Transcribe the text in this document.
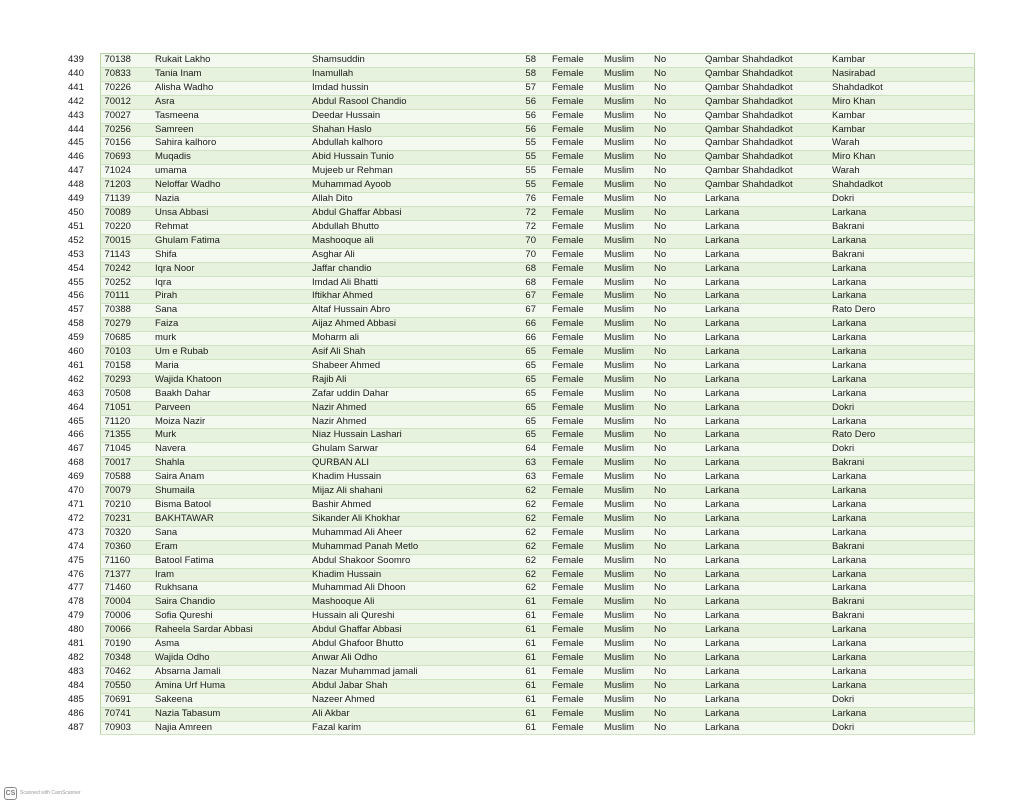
439	70138	Rukait Lakho	Shamsuddin	58	Female	Muslim	No	Qambar Shahdadkot	Kambar
440	70833	Tania Inam	Inamullah	58	Female	Muslim	No	Qambar Shahdadkot	Nasirabad
441	70226	Alisha Wadho	Imdad hussin	57	Female	Muslim	No	Qambar Shahdadkot	Shahdadkot
442	70012	Asra	Abdul Rasool Chandio	56	Female	Muslim	No	Qambar Shahdadkot	Miro Khan
443	70027	Tasmeena	Deedar Hussain	56	Female	Muslim	No	Qambar Shahdadkot	Kambar
444	70256	Samreen	Shahan Haslo	56	Female	Muslim	No	Qambar Shahdadkot	Kambar
445	70156	Sahira kalhoro	Abdullah kalhoro	55	Female	Muslim	No	Qambar Shahdadkot	Warah
446	70693	Muqadis	Abid Hussain Tunio	55	Female	Muslim	No	Qambar Shahdadkot	Miro Khan
447	71024	umama	Mujeeb ur Rehman	55	Female	Muslim	No	Qambar Shahdadkot	Warah
448	71203	Neloffar Wadho	Muhammad Ayoob	55	Female	Muslim	No	Qambar Shahdadkot	Shahdadkot
449	71139	Nazia	Allah Dito	76	Female	Muslim	No	Larkana	Dokri
450	70089	Unsa Abbasi	Abdul Ghaffar Abbasi	72	Female	Muslim	No	Larkana	Larkana
451	70220	Rehmat	Abdullah Bhutto	72	Female	Muslim	No	Larkana	Bakrani
452	70015	Ghulam Fatima	Mashooque ali	70	Female	Muslim	No	Larkana	Larkana
453	71143	Shifa	Asghar Ali	70	Female	Muslim	No	Larkana	Bakrani
454	70242	Iqra Noor	Jaffar chandio	68	Female	Muslim	No	Larkana	Larkana
455	70252	Iqra	Imdad Ali Bhatti	68	Female	Muslim	No	Larkana	Larkana
456	70111	Pirah	Iftikhar Ahmed	67	Female	Muslim	No	Larkana	Larkana
457	70388	Sana	Altaf Hussain Abro	67	Female	Muslim	No	Larkana	Rato Dero
458	70279	Faiza	Aijaz Ahmed Abbasi	66	Female	Muslim	No	Larkana	Larkana
459	70685	murk	Moharm ali	66	Female	Muslim	No	Larkana	Larkana
460	70103	Um e Rubab	Asif Ali Shah	65	Female	Muslim	No	Larkana	Larkana
461	70158	Maria	Shabeer Ahmed	65	Female	Muslim	No	Larkana	Larkana
462	70293	Wajida Khatoon	Rajib Ali	65	Female	Muslim	No	Larkana	Larkana
463	70508	Baakh Dahar	Zafar uddin Dahar	65	Female	Muslim	No	Larkana	Larkana
464	71051	Parveen	Nazir Ahmed	65	Female	Muslim	No	Larkana	Dokri
465	71120	Moiza Nazir	Nazir Ahmed	65	Female	Muslim	No	Larkana	Larkana
466	71355	Murk	Niaz Hussain Lashari	65	Female	Muslim	No	Larkana	Rato Dero
467	71045	Navera	Ghulam Sarwar	64	Female	Muslim	No	Larkana	Dokri
468	70017	Shahla	QURBAN ALI	63	Female	Muslim	No	Larkana	Bakrani
469	70588	Saira Anam	Khadim Hussain	63	Female	Muslim	No	Larkana	Larkana
470	70079	Shumaila	Mijaz Ali shahani	62	Female	Muslim	No	Larkana	Larkana
471	70210	Bisma Batool	Bashir Ahmed	62	Female	Muslim	No	Larkana	Larkana
472	70231	BAKHTAWAR	Sikander Ali Khokhar	62	Female	Muslim	No	Larkana	Larkana
473	70320	Sana	Muhammad Ali Aheer	62	Female	Muslim	No	Larkana	Larkana
474	70360	Eram	Muhammad Panah Metlo	62	Female	Muslim	No	Larkana	Bakrani
475	71160	Batool Fatima	Abdul Shakoor Soomro	62	Female	Muslim	No	Larkana	Larkana
476	71377	Iram	Khadim Hussain	62	Female	Muslim	No	Larkana	Larkana
477	71460	Rukhsana	Muhammad Ali Dhoon	62	Female	Muslim	No	Larkana	Larkana
478	70004	Saira Chandio	Mashooque Ali	61	Female	Muslim	No	Larkana	Bakrani
479	70006	Sofia Qureshi	Hussain ali Qureshi	61	Female	Muslim	No	Larkana	Bakrani
480	70066	Raheela Sardar Abbasi	Abdul Ghaffar Abbasi	61	Female	Muslim	No	Larkana	Larkana
481	70190	Asma	Abdul Ghafoor Bhutto	61	Female	Muslim	No	Larkana	Larkana
482	70348	Wajida Odho	Anwar Ali Odho	61	Female	Muslim	No	Larkana	Larkana
483	70462	Absarna Jamali	Nazar Muhammad jamali	61	Female	Muslim	No	Larkana	Larkana
484	70550	Amina Urf Huma	Abdul Jabar Shah	61	Female	Muslim	No	Larkana	Larkana
485	70691	Sakeena	Nazeer Ahmed	61	Female	Muslim	No	Larkana	Dokri
486	70741	Nazia Tabasum	Ali Akbar	61	Female	Muslim	No	Larkana	Larkana
487	70903	Najia Amreen	Fazal karim	61	Female	Muslim	No	Larkana	Dokri
CS Scanned with CamScanner
